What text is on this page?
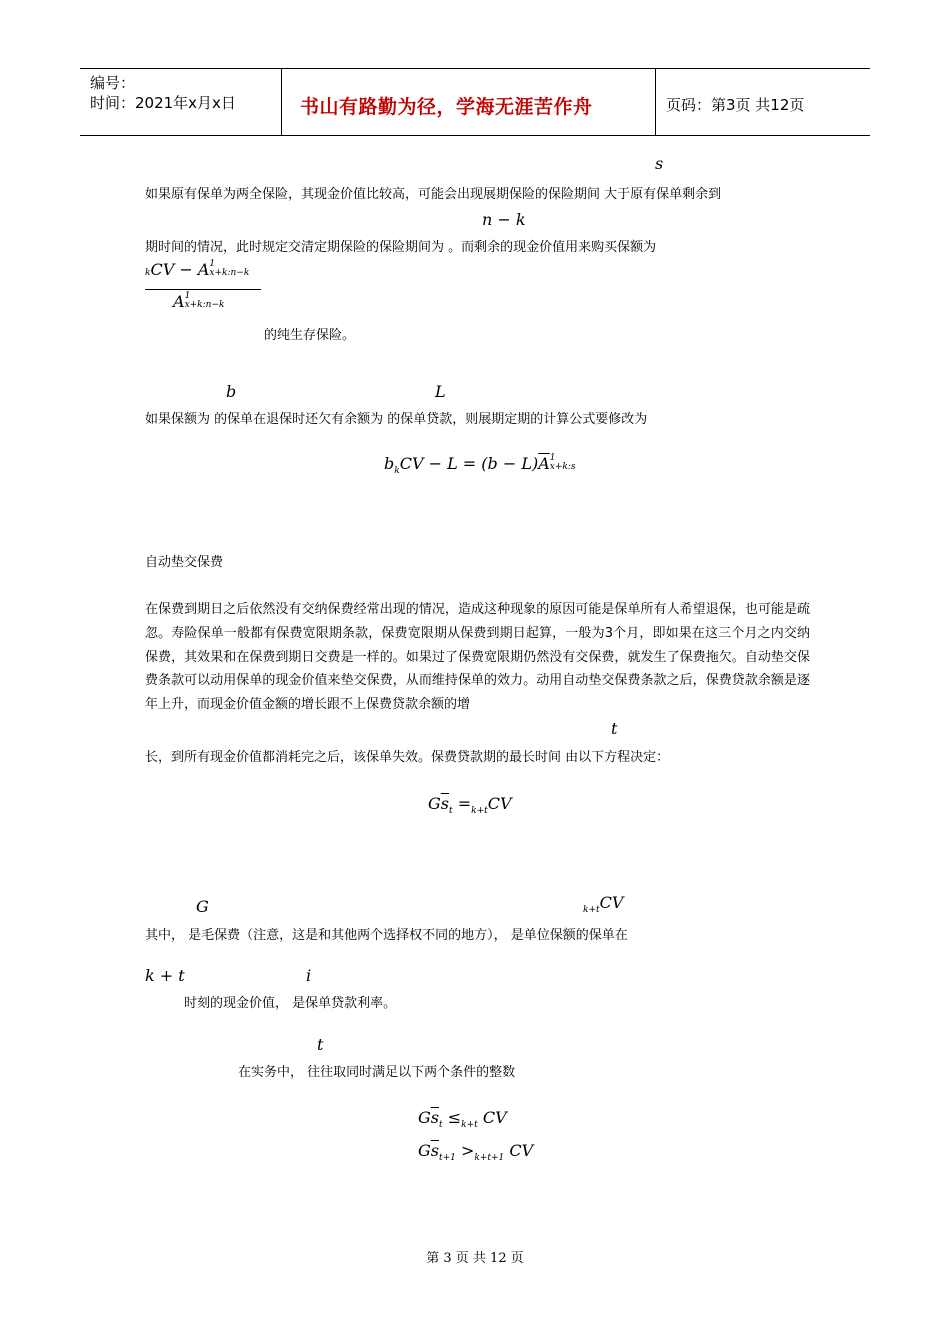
编号：
时间：2021年x月x日	书山有路勤为径，学海无涯苦作舟	页码：第3页 共12页
s
如果原有保单为两全保险，其现金价值比较高，可能会出现展期保险的保险期间 大于原有保单剩余到
n − k
期时间的情况，此时规定交清定期保险的保险期间为 。而剩余的现金价值用来购买保额为
kCV − A1
x+k:n−k
A1
x+k:n−k
的纯生存保险。
b	L
如果保额为 的保单在退保时还欠有余额为 的保单贷款，则展期定期的计算公式要修改为
$b_kCV - L = (b - L)\overline{A}1$
x+k:s
自动垫交保费
在保费到期日之后依然没有交纳保费经常出现的情况，造成这种现象的原因可能是保单所有人希望退保，也可能是疏忽。寿险保单一般都有保费宽限期条款，保费宽限期从保费到期日起算，一般为3个月，即如果在这三个月之内交纳保费，其效果和在保费到期日交费是一样的。如果过了保费宽限期仍然没有交保费，就发生了保费拖欠。自动垫交保费条款可以动用保单的现金价值来垫交保费，从而维持保单的效力。动用自动垫交保费条款之后，保费贷款余额是逐年上升，而现金价值金额的增长跟不上保费贷款余额的增
t
长，到所有现金价值都消耗完之后，该保单失效。保费贷款期的最长时间 由以下方程决定：
$G\overline{s}_t =_{k+t}CV$
G	$_{k+t}$CV
其中， 是毛保费（注意，这是和其他两个选择权不同的地方）， 是单位保额的保单在
k + t	i
时刻的现金价值， 是保单贷款利率。
t
在实务中， 往往取同时满足以下两个条件的整数
$G\overline{s}_t \le_{k+t}$ CV
$G\overline{s}_{t+1} >_{k+t+1}$ CV
第 3 页 共 12 页
